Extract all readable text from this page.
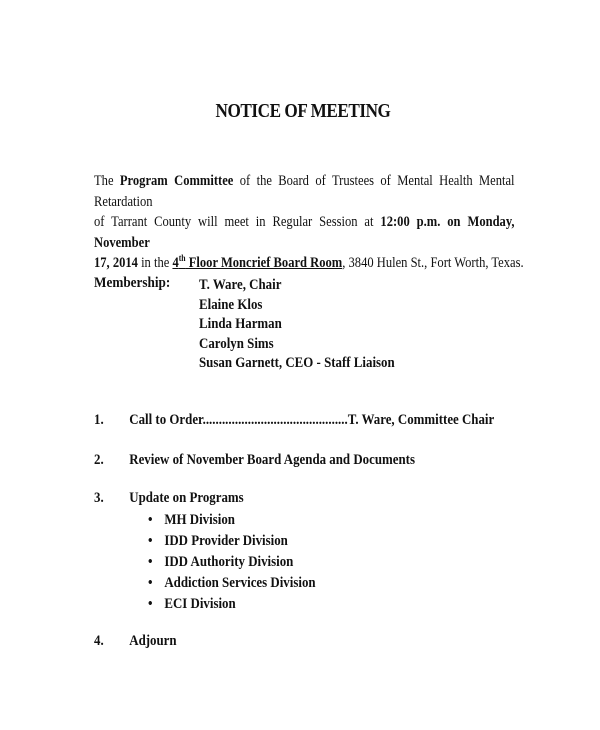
NOTICE OF MEETING
The Program Committee of the Board of Trustees of Mental Health Mental Retardation
of Tarrant County will meet in Regular Session at 12:00 p.m. on Monday, November
17, 2014 in the 4th Floor Moncrief Board Room, 3840 Hulen St., Fort Worth, Texas.
Membership: T. Ware, Chair
Elaine Klos
Linda Harman
Carolyn Sims
Susan Garnett, CEO - Staff Liaison
1. Call to Order.............................................T. Ware, Committee Chair
2. Review of November Board Agenda and Documents
3. Update on Programs
• MH Division
• IDD Provider Division
• IDD Authority Division
• Addiction Services Division
• ECI Division
4. Adjourn
